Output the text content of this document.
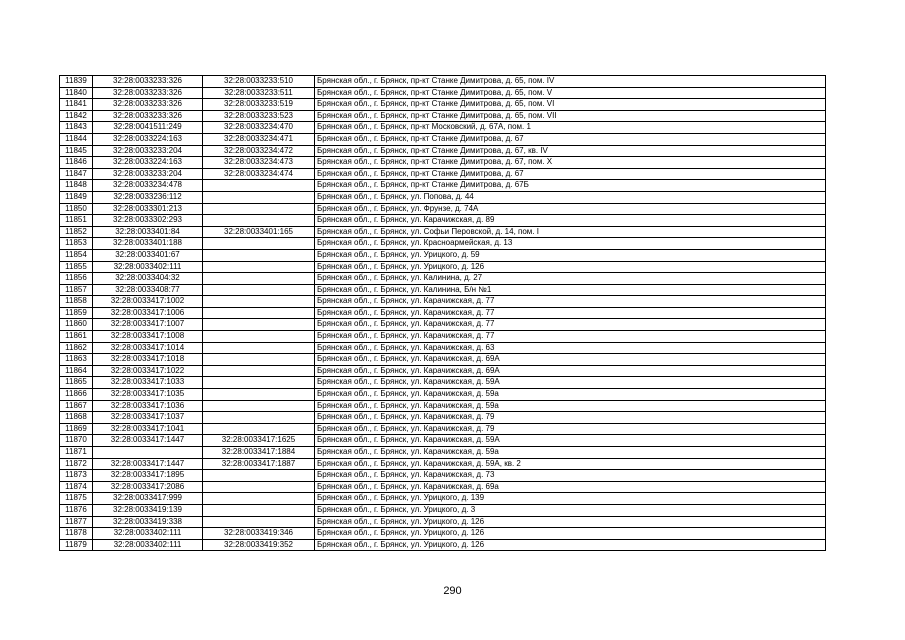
11839	32:28:0033233:326	32:28:0033233:510	Брянская обл., г. Брянск, пр-кт Станке Димитрова, д. 65, пом. IV
11840	32:28:0033233:326	32:28:0033233:511	Брянская обл., г. Брянск, пр-кт Станке Димитрова, д. 65, пом. V
11841	32:28:0033233:326	32:28:0033233:519	Брянская обл., г. Брянск, пр-кт Станке Димитрова, д. 65, пом. VI
11842	32:28:0033233:326	32:28:0033233:523	Брянская обл., г. Брянск, пр-кт Станке Димитрова, д. 65, пом. VII
11843	32:28:0041511:249	32:28:0033234:470	Брянская обл., г. Брянск, пр-кт Московский, д. 67А, пом. 1
11844	32:28:0033224:163	32:28:0033234:471	Брянская обл., г. Брянск, пр-кт Станке Димитрова, д. 67
11845	32:28:0033233:204	32:28:0033234:472	Брянская обл., г. Брянск, пр-кт Станке Димитрова, д. 67, кв. IV
11846	32:28:0033224:163	32:28:0033234:473	Брянская обл., г. Брянск, пр-кт Станке Димитрова, д. 67, пом. X
11847	32:28:0033233:204	32:28:0033234:474	Брянская обл., г. Брянск, пр-кт Станке Димитрова, д. 67
11848	32:28:0033234:478		Брянская обл., г. Брянск, пр-кт Станке Димитрова, д. 67Б
11849	32:28:0033236:112		Брянская обл., г. Брянск, ул. Попова, д. 44
11850	32:28:0033301:213		Брянская обл., г. Брянск, ул. Фрунзе, д. 74А
11851	32:28:0033302:293		Брянская обл., г. Брянск, ул. Карачижская, д. 89
11852	32:28:0033401:84	32:28:0033401:165	Брянская обл., г. Брянск, ул. Софьи Перовской, д. 14, пом. I
11853	32:28:0033401:188		Брянская обл., г. Брянск, ул. Красноармейская, д. 13
11854	32:28:0033401:67		Брянская обл., г. Брянск, ул. Урицкого, д. 59
11855	32:28:0033402:111		Брянская обл., г. Брянск, ул. Урицкого, д. 126
11856	32:28:0033404:32		Брянская обл., г. Брянск, ул. Калинина, д. 27
11857	32:28:0033408:77		Брянская обл., г. Брянск, ул. Калинина, Б/н №1
11858	32:28:0033417:1002		Брянская обл., г. Брянск, ул. Карачижская, д. 77
11859	32:28:0033417:1006		Брянская обл., г. Брянск, ул. Карачижская, д. 77
11860	32:28:0033417:1007		Брянская обл., г. Брянск, ул. Карачижская, д. 77
11861	32:28:0033417:1008		Брянская обл., г. Брянск, ул. Карачижская, д. 77
11862	32:28:0033417:1014		Брянская обл., г. Брянск, ул. Карачижская, д. 63
11863	32:28:0033417:1018		Брянская обл., г. Брянск, ул. Карачижская, д. 69А
11864	32:28:0033417:1022		Брянская обл., г. Брянск, ул. Карачижская, д. 69А
11865	32:28:0033417:1033		Брянская обл., г. Брянск, ул. Карачижская, д. 59А
11866	32:28:0033417:1035		Брянская обл., г. Брянск, ул. Карачижская, д. 59а
11867	32:28:0033417:1036		Брянская обл., г. Брянск, ул. Карачижская, д. 59а
11868	32:28:0033417:1037		Брянская обл., г. Брянск, ул. Карачижская, д. 79
11869	32:28:0033417:1041		Брянская обл., г. Брянск, ул. Карачижская, д. 79
11870	32:28:0033417:1447	32:28:0033417:1625	Брянская обл., г. Брянск, ул. Карачижская, д. 59А
11871		32:28:0033417:1884	Брянская обл., г. Брянск, ул. Карачижская, д. 59а
11872	32:28:0033417:1447	32:28:0033417:1887	Брянская обл., г. Брянск, ул. Карачижская, д. 59А, кв. 2
11873	32:28:0033417:1895		Брянская обл., г. Брянск, ул. Карачижская, д. 73
11874	32:28:0033417:2086		Брянская обл., г. Брянск, ул. Карачижская, д. 69а
11875	32:28:0033417:999		Брянская обл., г. Брянск, ул. Урицкого, д. 139
11876	32:28:0033419:139		Брянская обл., г. Брянск, ул. Урицкого, д. 3
11877	32:28:0033419:338		Брянская обл., г. Брянск, ул. Урицкого, д. 126
11878	32:28:0033402:111	32:28:0033419:346	Брянская обл., г. Брянск, ул. Урицкого, д. 126
11879	32:28:0033402:111	32:28:0033419:352	Брянская обл., г. Брянск, ул. Урицкого, д. 126
290
